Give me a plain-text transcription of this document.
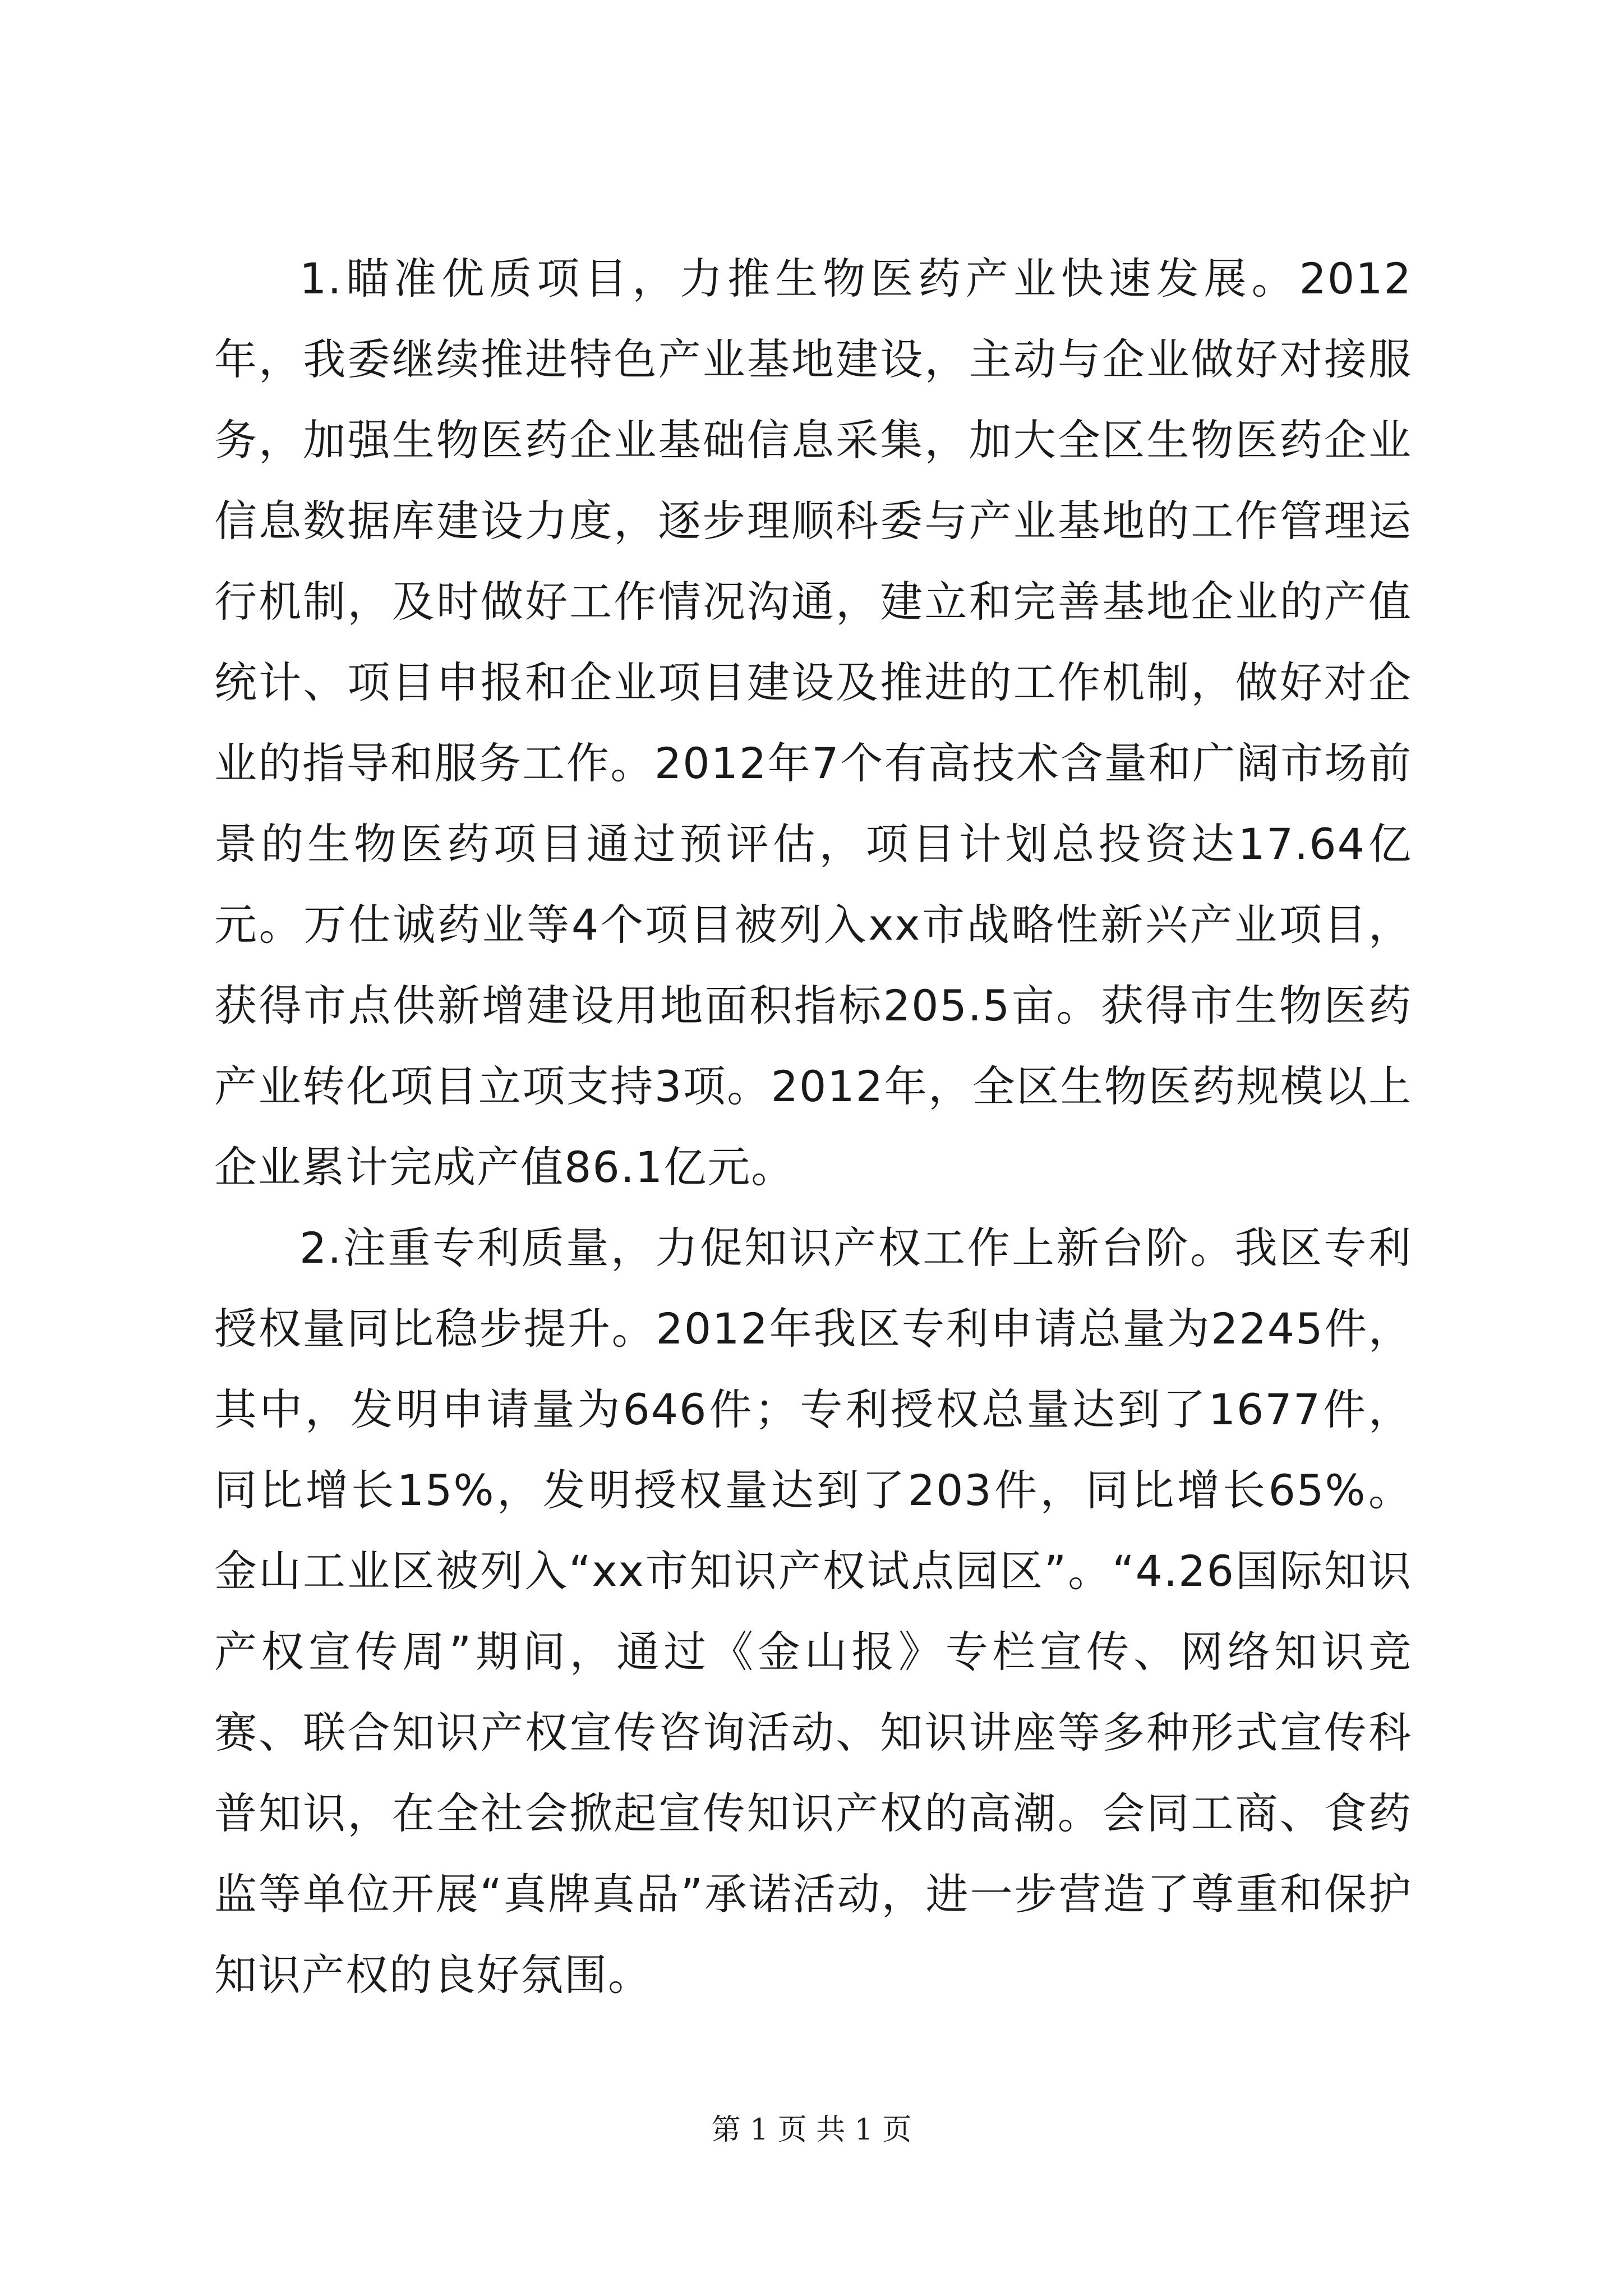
1.瞄准优质项目，力推生物医药产业快速发展。2012年，我委继续推进特色产业基地建设，主动与企业做好对接服务，加强生物医药企业基础信息采集，加大全区生物医药企业信息数据库建设力度，逐步理顺科委与产业基地的工作管理运行机制，及时做好工作情况沟通，建立和完善基地企业的产值统计、项目申报和企业项目建设及推进的工作机制，做好对企业的指导和服务工作。2012年7个有高技术含量和广阔市场前景的生物医药项目通过预评估，项目计划总投资达17.64亿元。万仕诚药业等4个项目被列入xx市战略性新兴产业项目，获得市点供新增建设用地面积指标205.5亩。获得市生物医药产业转化项目立项支持3项。2012年，全区生物医药规模以上企业累计完成产值86.1亿元。

2.注重专利质量，力促知识产权工作上新台阶。我区专利授权量同比稳步提升。2012年我区专利申请总量为2245件，其中，发明申请量为646件；专利授权总量达到了1677件，同比增长15%，发明授权量达到了203件，同比增长65%。金山工业区被列入“xx市知识产权试点园区”。“4.26国际知识产权宣传周”期间，通过《金山报》专栏宣传、网络知识竞赛、联合知识产权宣传咨询活动、知识讲座等多种形式宣传科普知识，在全社会掀起宣传知识产权的高潮。会同工商、食药监等单位开展“真牌真品”承诺活动，进一步营造了尊重和保护知识产权的良好氛围。

第 1 页 共 1 页
